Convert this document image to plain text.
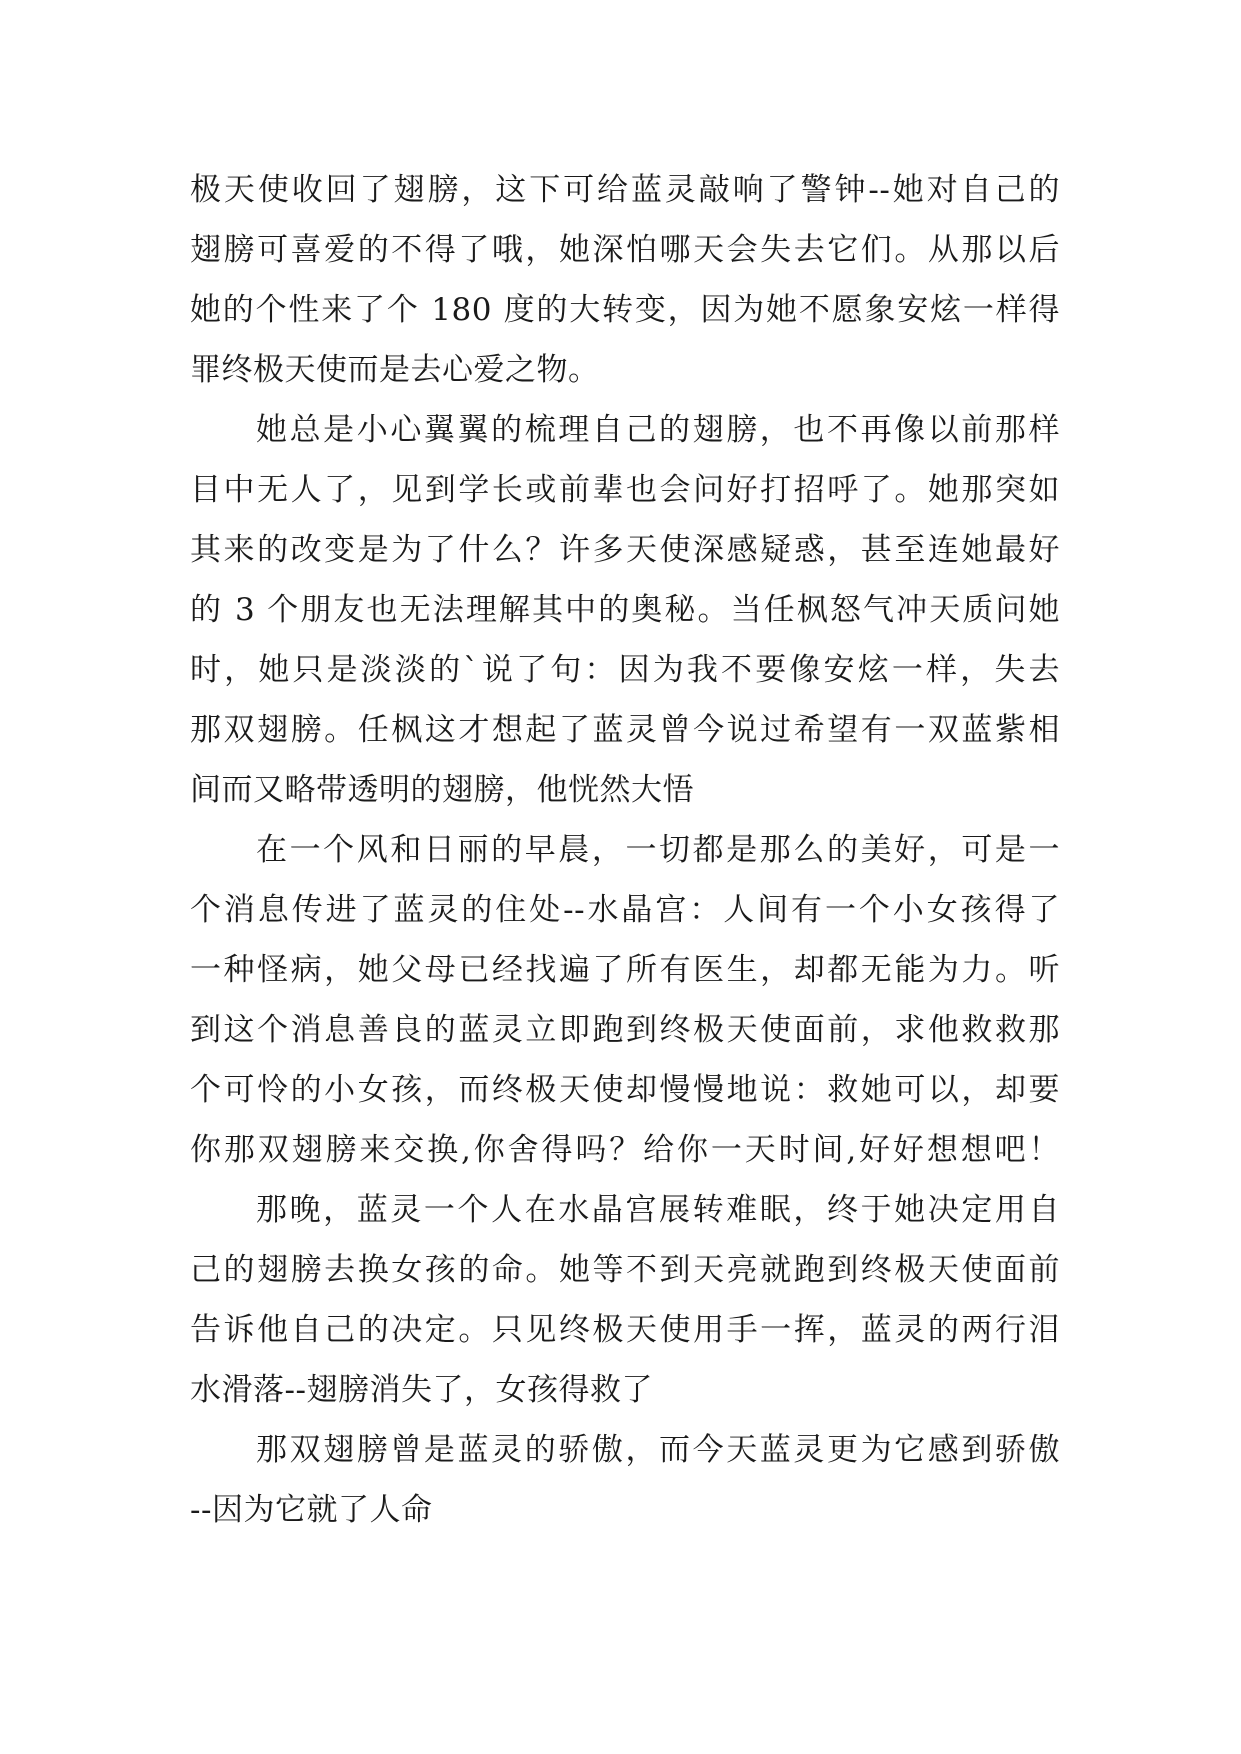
极天使收回了翅膀，这下可给蓝灵敲响了警钟--她对自己的
翅膀可喜爱的不得了哦，她深怕哪天会失去它们。从那以后
她的个性来了个 180 度的大转变，因为她不愿象安炫一样得
罪终极天使而是去心爱之物。
她总是小心翼翼的梳理自己的翅膀，也不再像以前那样
目中无人了，见到学长或前辈也会问好打招呼了。她那突如
其来的改变是为了什么？许多天使深感疑惑，甚至连她最好
的 3 个朋友也无法理解其中的奥秘。当任枫怒气冲天质问她
时，她只是淡淡的`说了句：因为我不要像安炫一样，失去
那双翅膀。任枫这才想起了蓝灵曾今说过希望有一双蓝紫相
间而又略带透明的翅膀，他恍然大悟
在一个风和日丽的早晨，一切都是那么的美好，可是一
个消息传进了蓝灵的住处--水晶宫：人间有一个小女孩得了
一种怪病，她父母已经找遍了所有医生，却都无能为力。听
到这个消息善良的蓝灵立即跑到终极天使面前，求他救救那
个可怜的小女孩，而终极天使却慢慢地说：救她可以，却要
你那双翅膀来交换,你舍得吗？给你一天时间,好好想想吧！
那晚，蓝灵一个人在水晶宫展转难眠，终于她决定用自
己的翅膀去换女孩的命。她等不到天亮就跑到终极天使面前
告诉他自己的决定。只见终极天使用手一挥，蓝灵的两行泪
水滑落--翅膀消失了，女孩得救了
那双翅膀曾是蓝灵的骄傲，而今天蓝灵更为它感到骄傲
--因为它就了人命
